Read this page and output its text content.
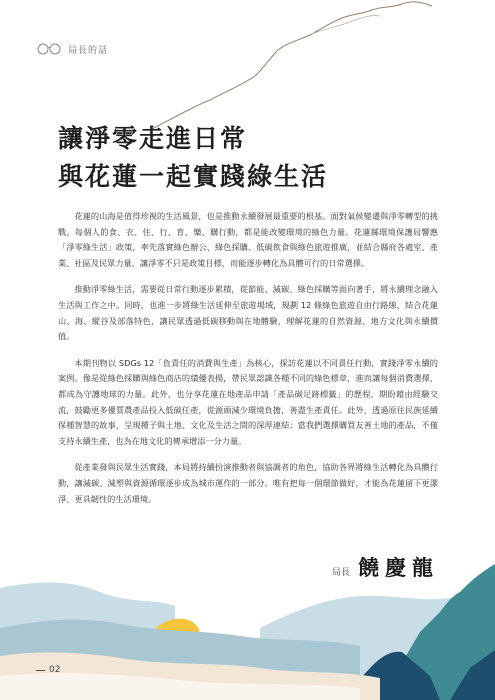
局長的話
讓淨零走進日常
與花蓮一起實踐綠生活

花蓮的山海是值得珍視的生活風景，也是推動永續發展最重要的根基。面對氣候變遷與淨零轉型的挑戰，每個人的食、衣、住、行、育、樂、購行動，都是能改變環境的綠色力量。花蓮縣環境保護局響應「淨零綠生活」政策，率先落實綠色辦公、綠色採購、低碳飲食與綠色旅遊推廣，並結合縣府各處室、產業、社區及民眾力量，讓淨零不只是政策目標，而能逐步轉化為具體可行的日常選擇。

推動淨零綠生活，需要從日常行動逐步累積，從節能、減碳、綠色採購等面向著手，將永續理念融入生活與工作之中。同時，也進一步將綠生活延伸至旅遊場域，規劃 12 條綠色旅遊自由行路線，結合花蓮山、海、縱谷及部落特色，讓民眾透過低碳移動與在地體驗，理解花蓮的自然資源、地方文化與永續價值。

本期刊物以 SDGs 12「負責任的消費與生產」為核心，探訪花蓮以不同責任行動，實踐淨零永續的案例。像是從綠色採購與綠色商店的績優表揚，帶民眾認識各種不同的綠色標章，進而讓每個消費選擇，都成為守護地球的力量。此外，也分享花蓮在地產品申請「產品碳足跡標籤」的歷程，期盼藉由經驗交流，鼓勵更多優質農產品投入低碳任產，從源頭減少環境負擔，善盡生產責任。此外，透過原住民族延續保種智慧的故事，呈現種子與土地、文化及生活之間的深厚連結；當我們選擇購買友善土地的產品，不僅支持永續生產，也為在地文化的傳承增添一分力量。

從產業發與民眾生活實踐，本局將持續扮演推動者與協調者的角色，協助各界將綠生活轉化為具體行動，讓減碳、減塑與資源循環逐步成為城市運作的一部分。唯有把每一個環節做好，才能為花蓮留下更潔淨、更具韌性的生活環境。

局長 饒慶龍
02
